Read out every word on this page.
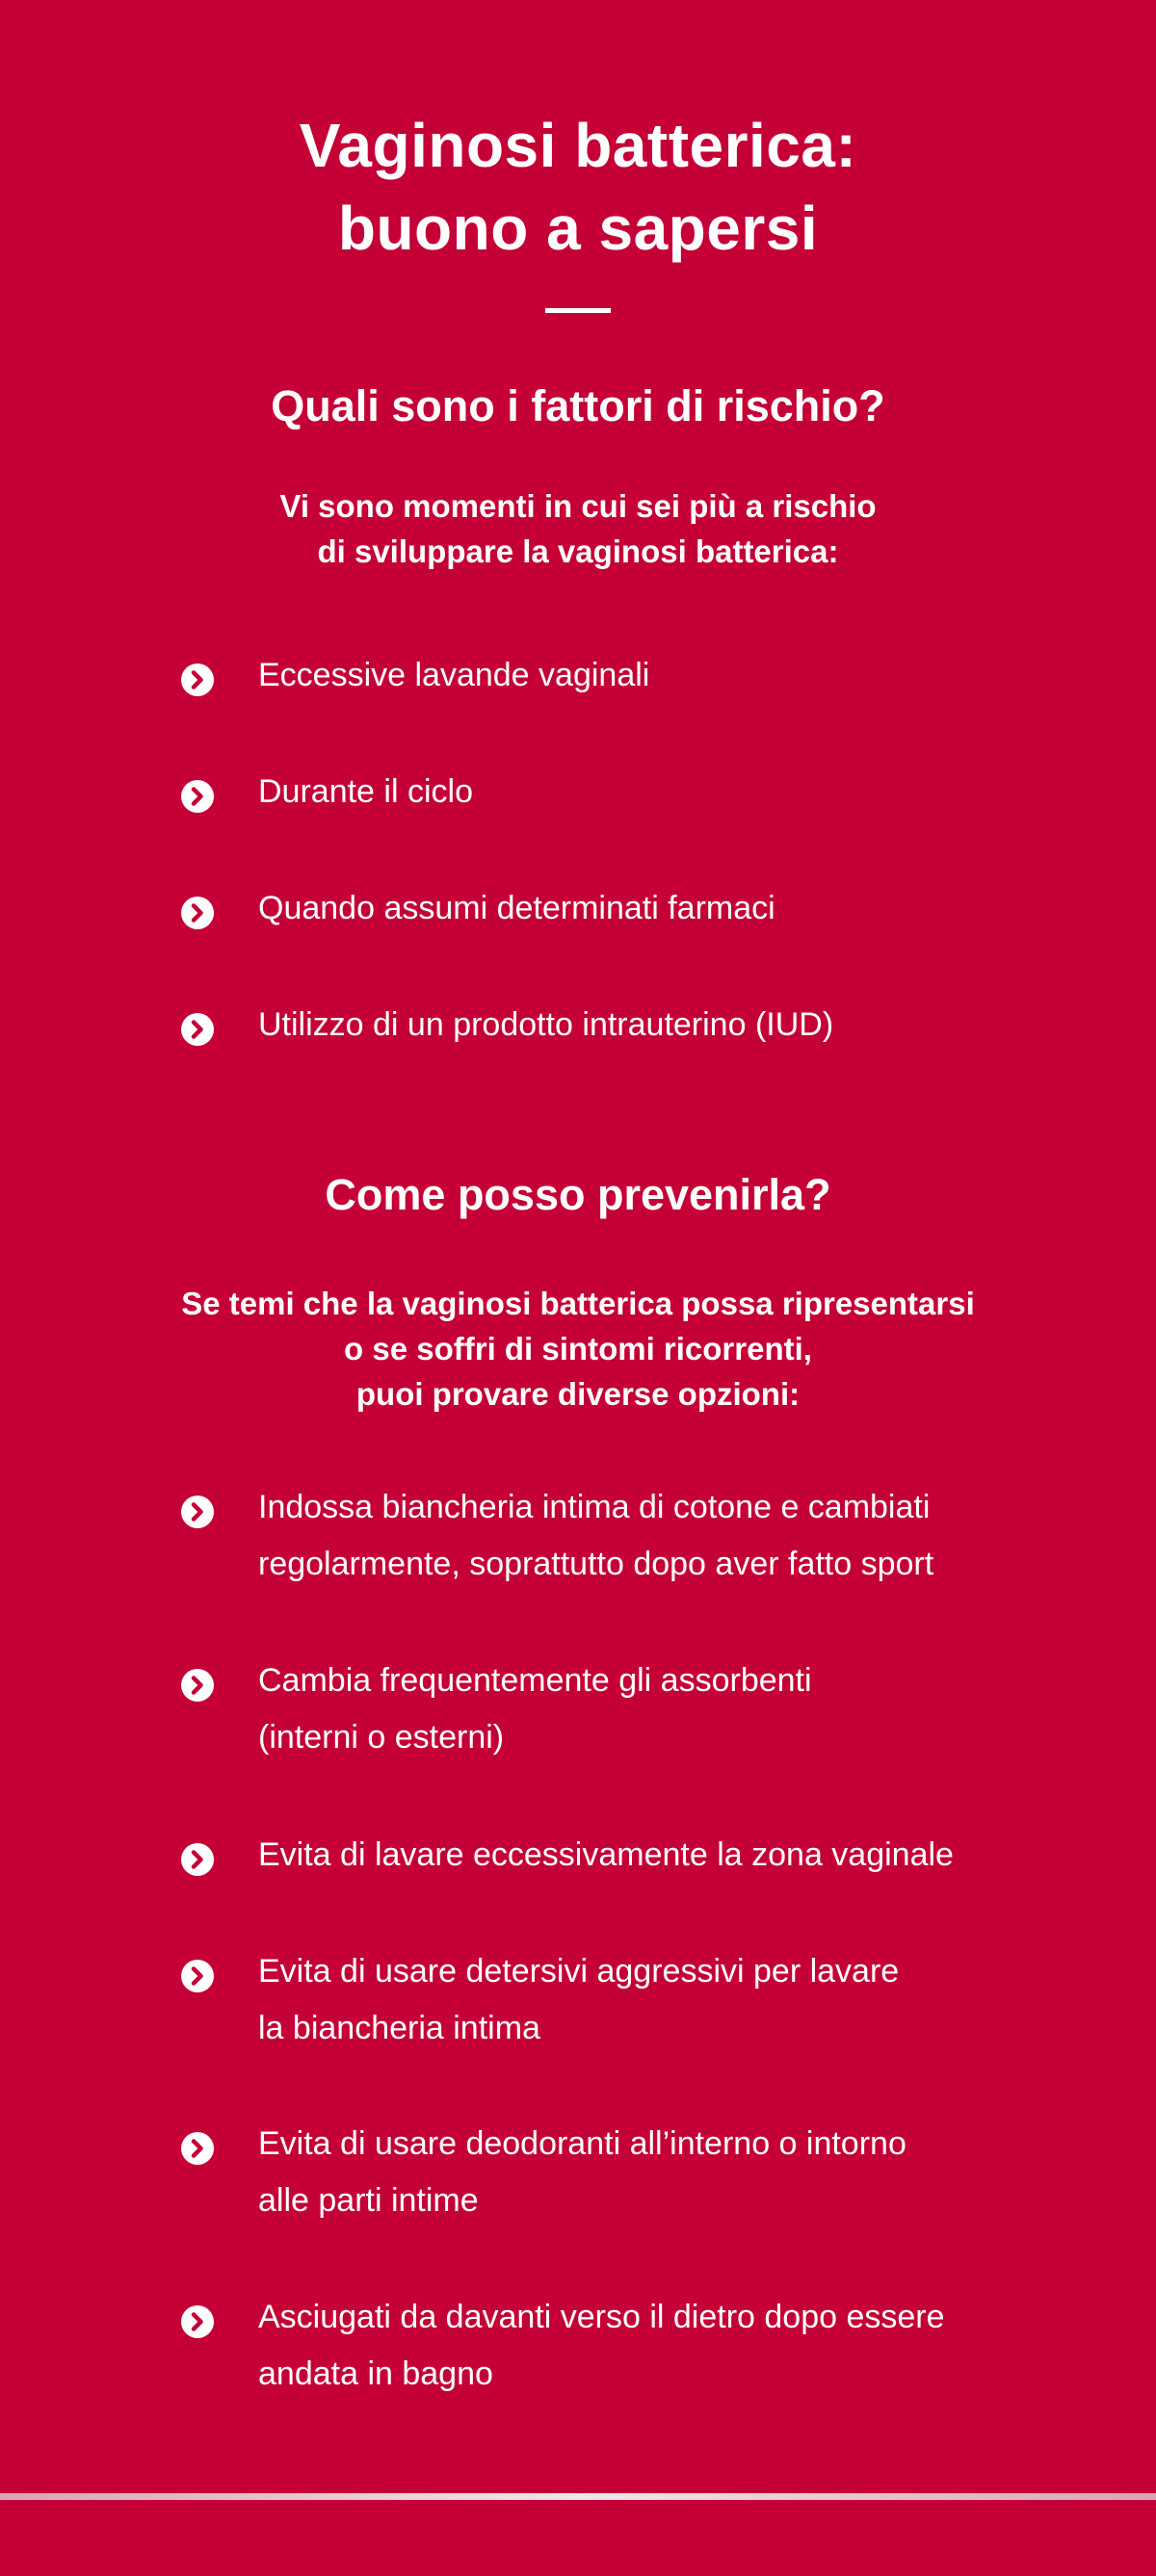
Vaginosi batterica:
buono a sapersi
Quali sono i fattori di rischio?

Vi sono momenti in cui sei più a rischio
di sviluppare la vaginosi batterica:

Eccessive lavande vaginali
Durante il ciclo
Quando assumi determinati farmaci
Utilizzo di un prodotto intrauterino (IUD)
Come posso prevenirla?

Se temi che la vaginosi batterica possa ripresentarsi
o se soffri di sintomi ricorrenti,
puoi provare diverse opzioni:

Indossa biancheria intima di cotone e cambiati
regolarmente, soprattutto dopo aver fatto sport
Cambia frequentemente gli assorbenti
(interni o esterni)
Evita di lavare eccessivamente la zona vaginale
Evita di usare detersivi aggressivi per lavare
la biancheria intima
Evita di usare deodoranti all’interno o intorno
alle parti intime
Asciugati da davanti verso il dietro dopo essere
andata in bagno
